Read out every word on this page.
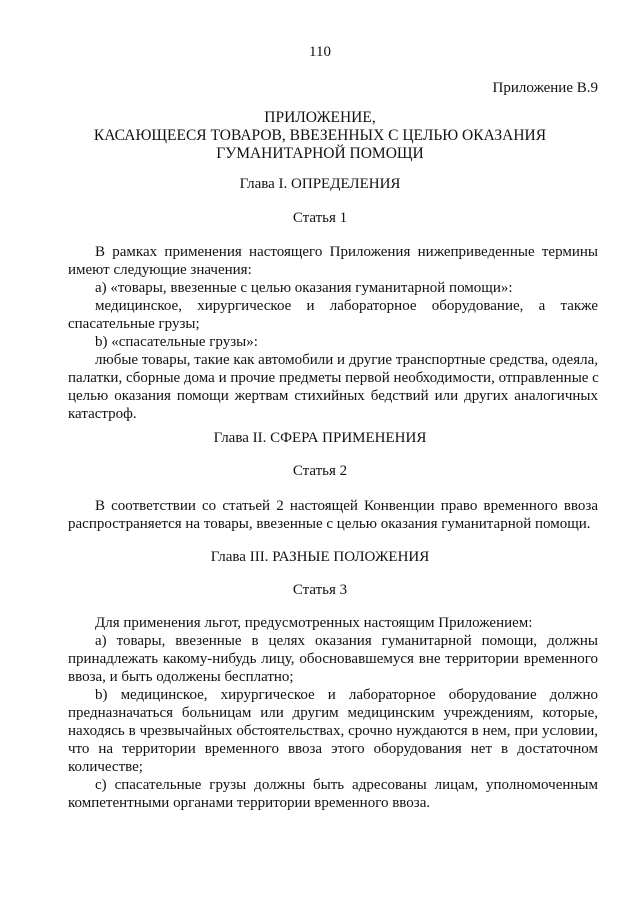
110
Приложение B.9
ПРИЛОЖЕНИЕ,
КАСАЮЩЕЕСЯ ТОВАРОВ, ВВЕЗЕННЫХ С ЦЕЛЬЮ ОКАЗАНИЯ
ГУМАНИТАРНОЙ ПОМОЩИ
Глава I. ОПРЕДЕЛЕНИЯ
Статья 1
В рамках применения настоящего Приложения нижеприведенные термины
имеют следующие значения:
a) «товары, ввезенные с целью оказания гуманитарной помощи»:
медицинское, хирургическое и лабораторное оборудование, а также
спасательные грузы;
b) «спасательные грузы»:
любые товары, такие как автомобили и другие транспортные средства, одеяла,
палатки, сборные дома и прочие предметы первой необходимости, отправленные с
целью оказания помощи жертвам стихийных бедствий или других аналогичных
катастроф.
Глава II. СФЕРА ПРИМЕНЕНИЯ
Статья 2
В соответствии со статьей 2 настоящей Конвенции право временного ввоза
распространяется на товары, ввезенные с целью оказания гуманитарной помощи.
Глава III. РАЗНЫЕ ПОЛОЖЕНИЯ
Статья 3
Для применения льгот, предусмотренных настоящим Приложением:
a) товары, ввезенные в целях оказания гуманитарной помощи, должны
принадлежать какому-нибудь лицу, обосновавшемуся вне территории временного
ввоза, и быть одолжены бесплатно;
b) медицинское, хирургическое и лабораторное оборудование должно
предназначаться больницам или другим медицинским учреждениям, которые,
находясь в чрезвычайных обстоятельствах, срочно нуждаются в нем, при условии,
что на территории временного ввоза этого оборудования нет в достаточном
количестве;
c) спасательные грузы должны быть адресованы лицам, уполномоченным
компетентными органами территории временного ввоза.
